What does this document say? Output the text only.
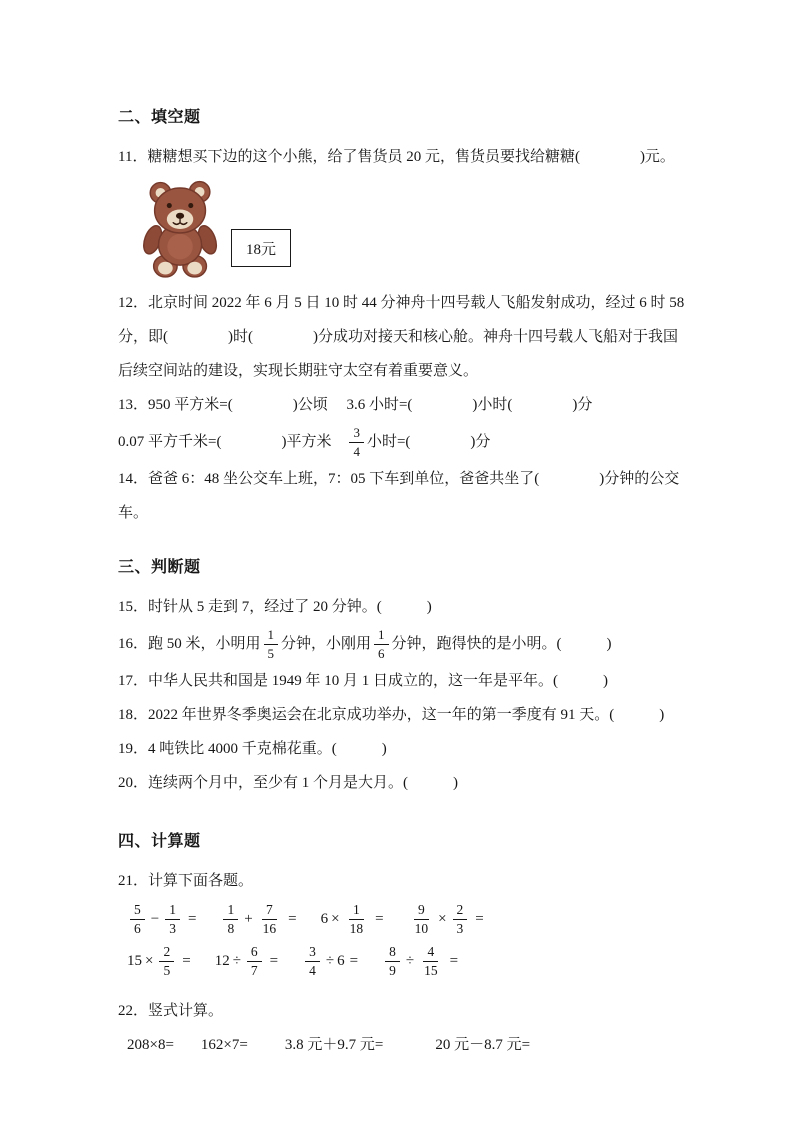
二、填空题
11．糖糖想买下边的这个小熊，给了售货员 20 元，售货员要找给糖糖(　　　　)元。
18元
12．北京时间 2022 年 6 月 5 日 10 时 44 分神舟十四号载人飞船发射成功，经过 6 时 58
分，即(　　　　)时(　　　　)分成功对接天和核心舱。神舟十四号载人飞船对于我国
后续空间站的建设，实现长期驻守太空有着重要意义。
13．950 平方米=(　　　　)公顷　 3.6 小时=(　　　　)小时(　　　　)分
0.07 平方千米=(　　　　)平方米　 $\frac{3}{4}$ 小时=(　　　　)分
14．爸爸 6：48 坐公交车上班，7：05 下车到单位，爸爸共坐了(　　　　)分钟的公交
车。
三、判断题
15．时针从 5 走到 7，经过了 20 分钟。(　　　)
16．跑 50 米，小明用 $\frac{1}{5}$ 分钟，小刚用 $\frac{1}{6}$ 分钟，跑得快的是小明。(　　　)
17．中华人民共和国是 1949 年 10 月 1 日成立的，这一年是平年。(　　　)
18．2022 年世界冬季奥运会在北京成功举办，这一年的第一季度有 91 天。(　　　)
19．4 吨铁比 4000 千克棉花重。(　　　)
20．连续两个月中，至少有 1 个月是大月。(　　　)
四、计算题
21．计算下面各题。
$\frac{5}{6} - \frac{1}{3} = \frac{1}{8} + \frac{7}{16} = 6 \times \frac{1}{18} = \frac{9}{10} \times \frac{2}{3}$ =
$15 \times \frac{2}{5} = 12 \div \frac{6}{7} = \frac{3}{4} \div 6 = \frac{8}{9} \div \frac{4}{15}$ =
22．竖式计算。
208×8= 162×7= 3.8 元＋9.7 元=	20 元－8.7 元=
